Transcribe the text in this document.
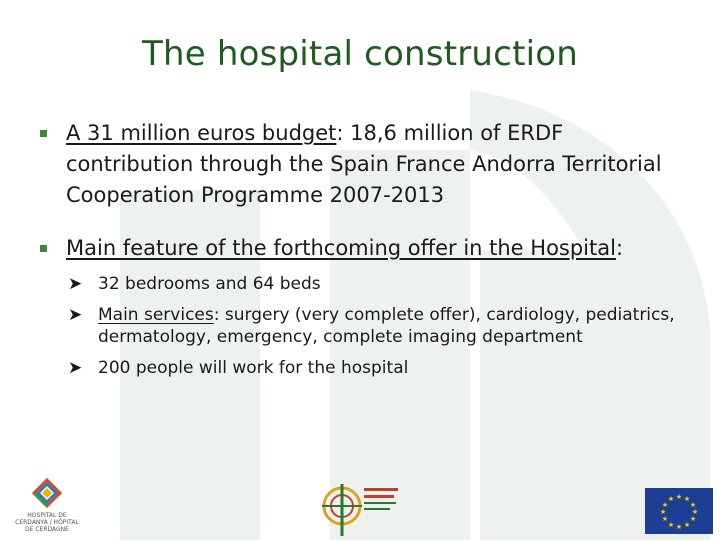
The hospital construction
A 31 million euros budget: 18,6 million of ERDF contribution through the Spain France Andorra Territorial Cooperation Programme 2007-2013
Main feature of the forthcoming offer in the Hospital:
➤ 32 bedrooms and 64 beds
➤ Main services: surgery (very complete offer), cardiology, pediatrics, dermatology, emergency, complete imaging department
➤ 200 people will work for the hospital
HOSPITAL DE CERDANYA / HÔPITAL DE CERDAGNE
★ ★
★
★
★
★
★
★
★
★
★
★
